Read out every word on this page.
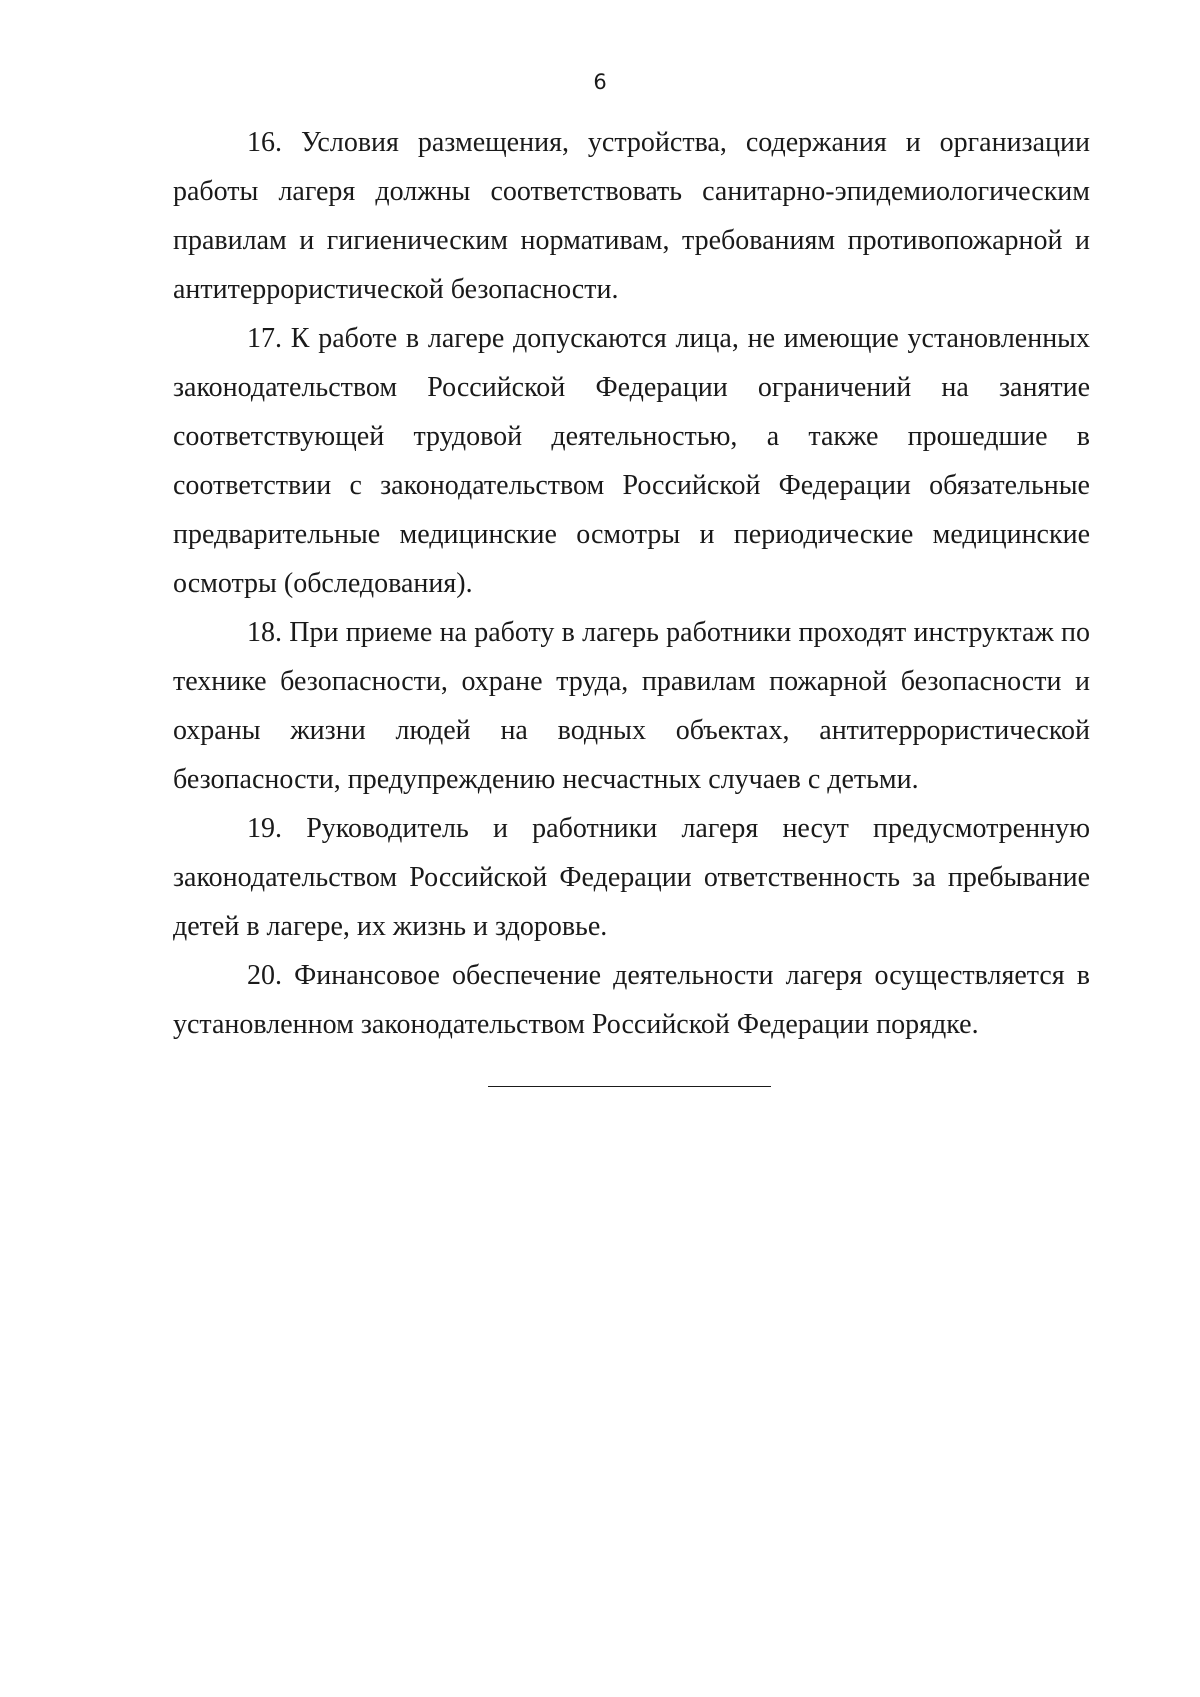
6

16. Условия размещения, устройства, содержания и организации работы лагеря должны соответствовать санитарно-эпидемиологическим правилам и гигиеническим нормативам, требованиям противопожарной и антитеррористической безопасности.

17. К работе в лагере допускаются лица, не имеющие установленных законодательством Российской Федерации ограничений на занятие соответствующей трудовой деятельностью, а также прошедшие в соответствии с законодательством Российской Федерации обязательные предварительные медицинские осмотры и периодические медицинские осмотры (обследования).

18. При приеме на работу в лагерь работники проходят инструктаж по технике безопасности, охране труда, правилам пожарной безопасности и охраны жизни людей на водных объектах, антитеррористической безопасности, предупреждению несчастных случаев с детьми.

19. Руководитель и работники лагеря несут предусмотренную законодательством Российской Федерации ответственность за пребывание детей в лагере, их жизнь и здоровье.

20. Финансовое обеспечение деятельности лагеря осуществляется в установленном законодательством Российской Федерации порядке.
